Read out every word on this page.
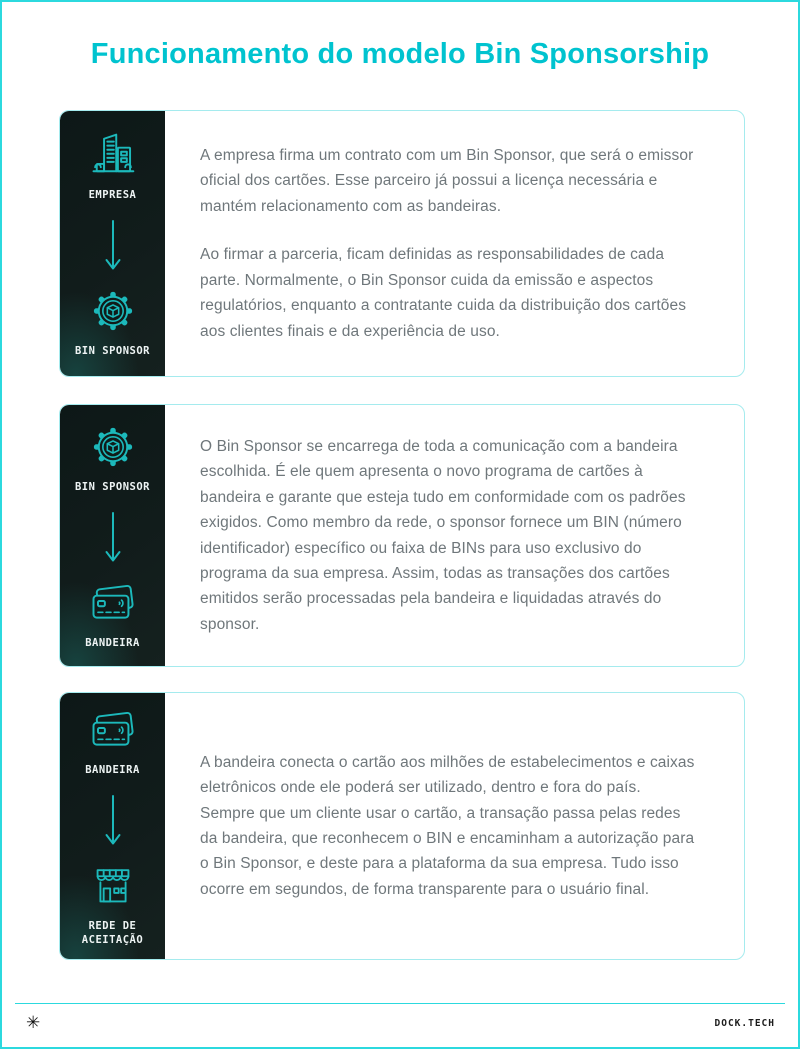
Funcionamento do modelo Bin Sponsorship
EMPRESA
BIN SPONSOR

A empresa firma um contrato com um Bin Sponsor, que será o emissor oficial dos cartões. Esse parceiro já possui a licença necessária e mantém relacionamento com as bandeiras.

Ao firmar a parceria, ficam definidas as responsabilidades de cada parte. Normalmente, o Bin Sponsor cuida da emissão e aspectos regulatórios, enquanto a contratante cuida da distribuição dos cartões aos clientes finais e da experiência de uso.

BIN SPONSOR
BANDEIRA

O Bin Sponsor se encarrega de toda a comunicação com a bandeira escolhida. É ele quem apresenta o novo programa de cartões à bandeira e garante que esteja tudo em conformidade com os padrões exigidos. Como membro da rede, o sponsor fornece um BIN (número identificador) específico ou faixa de BINs para uso exclusivo do programa da sua empresa. Assim, todas as transações dos cartões emitidos serão processadas pela bandeira e liquidadas através do sponsor.

BANDEIRA
REDE DE ACEITAÇÃO

A bandeira conecta o cartão aos milhões de estabelecimentos e caixas eletrônicos onde ele poderá ser utilizado, dentro e fora do país. Sempre que um cliente usar o cartão, a transação passa pelas redes da bandeira, que reconhecem o BIN e encaminham a autorização para o Bin Sponsor, e deste para a plataforma da sua empresa. Tudo isso ocorre em segundos, de forma transparente para o usuário final.

✳	DOCK.TECH
